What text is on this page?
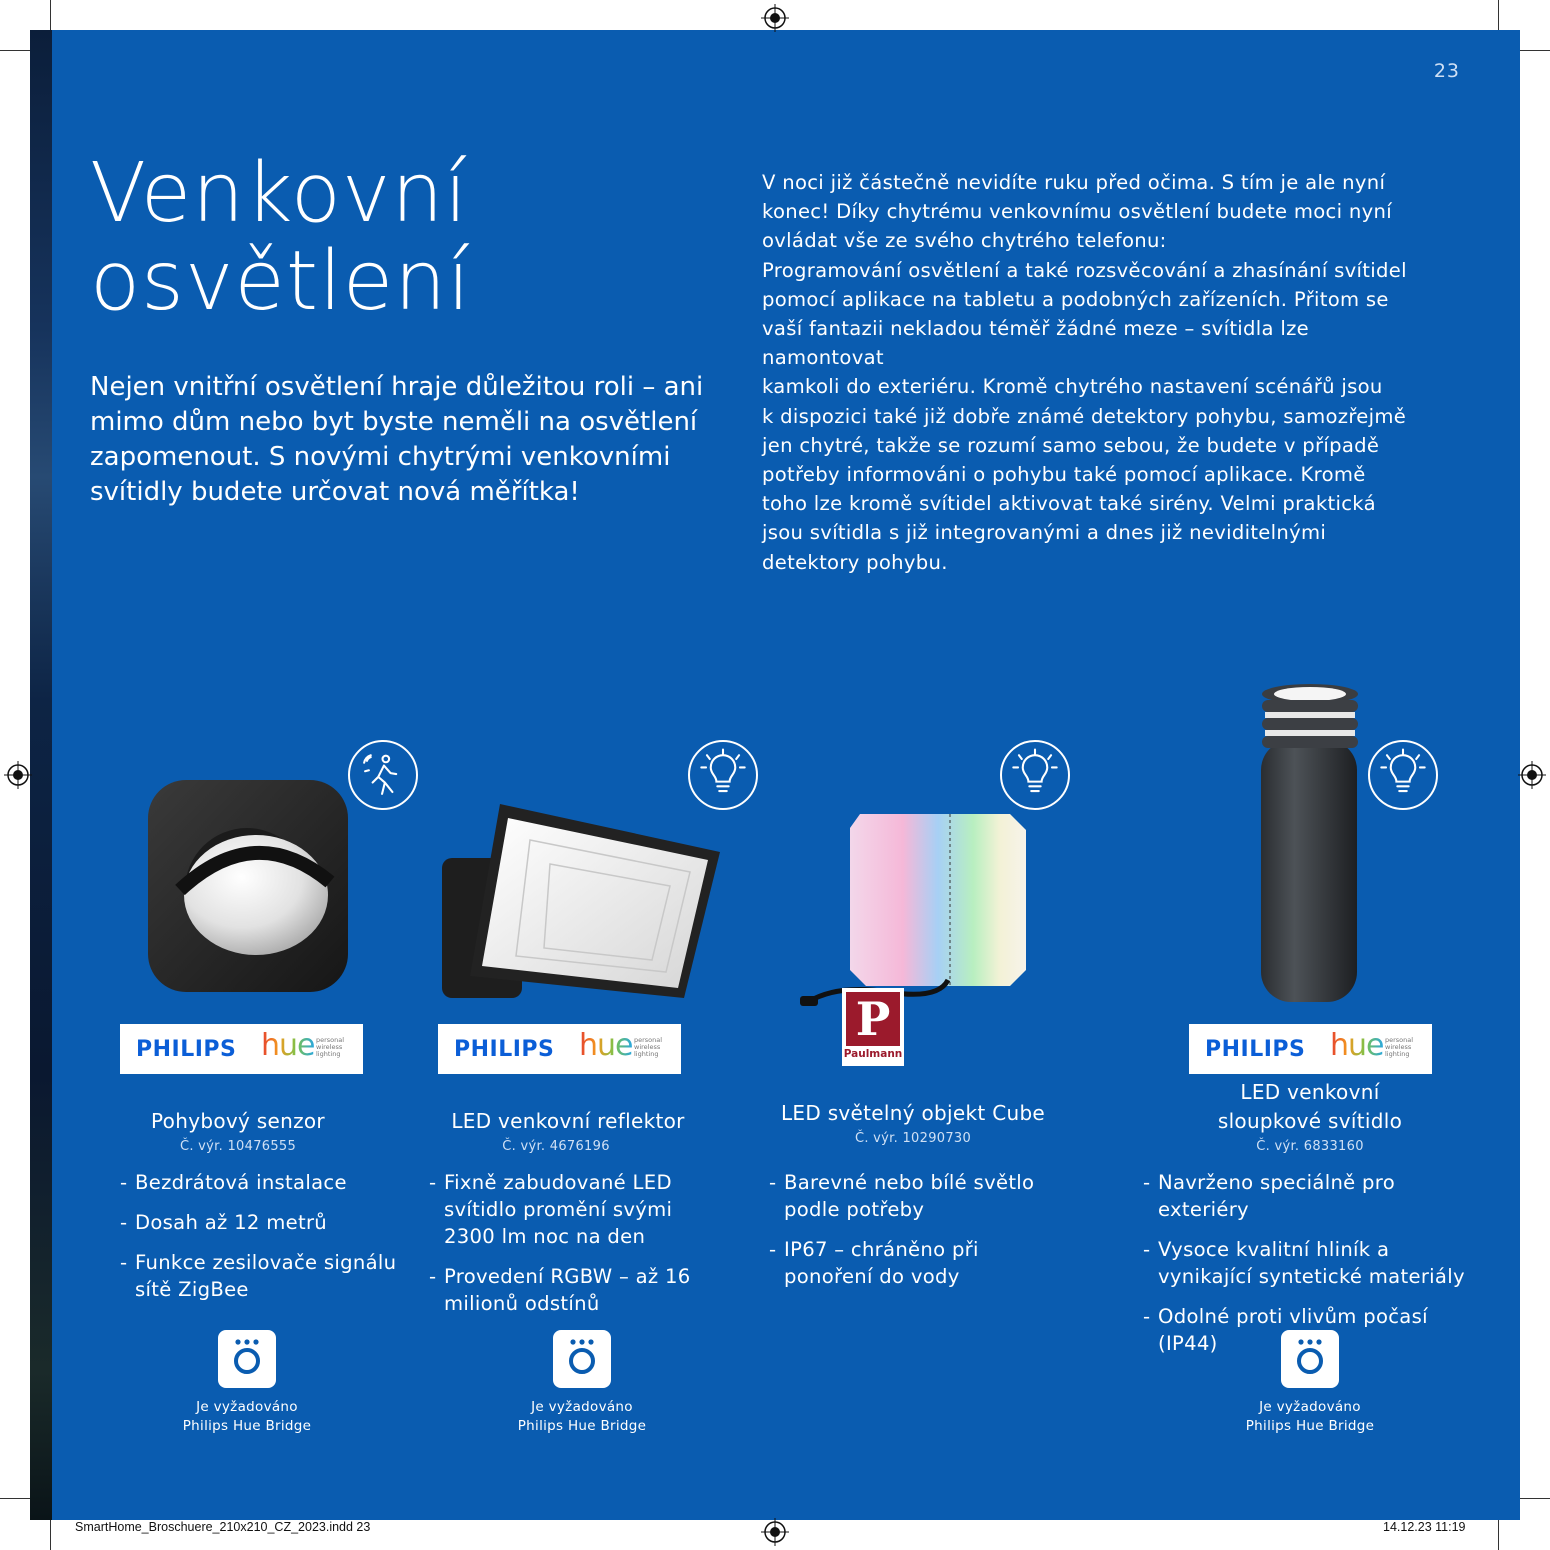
23
Venkovní
osvětlení

Nejen vnitřní osvětlení hraje důležitou roli – ani mimo dům nebo byt byste neměli na osvětlení zapomenout. S novými chytrými venkovními svítidly budete určovat nová měřítka!

V noci již částečně nevidíte ruku před očima. S tím je ale nyní
konec! Díky chytrému venkovnímu osvětlení budete moci nyní
ovládat vše ze svého chytrého telefonu:
Programování osvětlení a také rozsvěcování a zhasínání svítidel
pomocí aplikace na tabletu a podobných zařízeních. Přitom se
vaší fantazii nekladou téměř žádné meze – svítidla lze namontovat
kamkoli do exteriéru. Kromě chytrého nastavení scénářů jsou
k dispozici také již dobře známé detektory pohybu, samozřejmě
jen chytré, takže se rozumí samo sebou, že budete v případě
potřeby informováni o pohybu také pomocí aplikace. Kromě
toho lze kromě svítidel aktivovat také sirény. Velmi praktická
jsou svítidla s již integrovanými a dnes již neviditelnými
detektory pohybu.
PHILIPS hue personal
wireless
lighting	PHILIPS hue personal
wireless
lighting
P
Paulmann	PHILIPS hue personal
wireless
lighting
Pohybový senzor
Č. výr. 10476555
- Bezdrátová instalace
- Dosah až 12 metrů
- Funkce zesilovače signálu sítě ZigBee
Je vyžadováno
Philips Hue Bridge
LED venkovní reflektor
Č. výr. 4676196
- Fixně zabudované LED svítidlo promění svými 2300 lm noc na den
- Provedení RGBW – až 16 milionů odstínů
Je vyžadováno
Philips Hue Bridge
LED světelný objekt Cube
Č. výr. 10290730
- Barevné nebo bílé světlo podle potřeby
- IP67 – chráněno při ponoření do vody
LED venkovní
sloupkové svítidlo
Č. výr. 6833160
- Navrženo speciálně pro exteriéry
- Vysoce kvalitní hliník a vynikající syntetické materiály
- Odolné proti vlivům počasí (IP44)
Je vyžadováno
Philips Hue Bridge
SmartHome_Broschuere_210x210_CZ_2023.indd 23	14.12.23 11:19
